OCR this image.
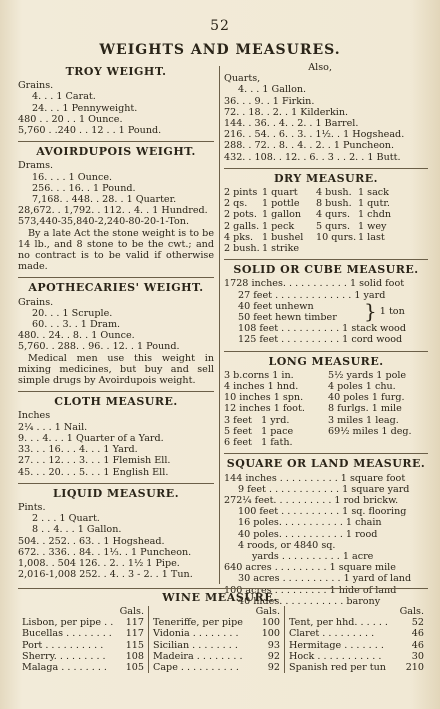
52
WEIGHTS AND MEASURES.
TROY WEIGHT.
Grains.
4. . . 1 Carat.
24. . . 1 Pennyweight.
480 . . 20 . . 1 Ounce.
5,760 . .240 . . 12 . . 1 Pound.
AVOIRDUPOIS WEIGHT.
Drams.
16. . . . 1 Ounce.
256. . . 16. . 1 Pound.
7,168. . 448. . 28. . 1 Quarter.
28,672. . 1,792. . 112. . 4. . 1 Hundred.
573,440-35,840-2,240-80-20-1-Ton.
By a late Act the stone weight is to be 14 lb., and 8 stone to be the cwt.; and no contract is to be valid if otherwise made.
APOTHECARIES' WEIGHT.
Grains.
20. . . 1 Scruple.
60. . . 3. . 1 Dram.
480. . 24. . 8. . 1 Ounce.
5,760. . 288. . 96. . 12. . 1 Pound.
Medical men use this weight in mixing medicines, but buy and sell simple drugs by Avoirdupois weight.
CLOTH MEASURE.
Inches
2¼ . . . 1 Nail.
9. . . 4. . . 1 Quarter of a Yard.
33. . . 16. . . 4. . . 1 Yard.
27. . . 12. . . 3. . . 1 Flemish Ell.
45. . . 20. . . 5. . . 1 English Ell.
LIQUID MEASURE.
Pints.
2 . . . 1 Quart.
8 . . 4. . . 1 Gallon.
504. . 252. . 63. . 1 Hogshead.
672. . 336. . 84. . 1⅓. . 1 Puncheon.
1,008. . 504 126. . 2. . 1½ 1 Pipe.
2,016-1,008 252. . 4. . 3 - 2. . 1 Tun.
Also,
Quarts,
4. . . 1 Gallon.
36. . . 9. . 1 Firkin.
72. . 18. . 2. . 1 Kilderkin.
144. . 36. . 4. . 2. . 1 Barrel.
216. . 54. . 6. . 3. . 1½. . 1 Hogshead.
288. . 72. . 8. . 4. . 2. . 1 Puncheon.
432. . 108. . 12. . 6. . 3 . . 2. . 1 Butt.
DRY MEASURE.
2 pints 1 quart	4 bush. 1 sack
2 qs.	1 pottle	8 bush. 1 qutr.
2 pots. 1 gallon	4 qurs. 1 chdn
2 galls. 1 peck	5 qurs. 1 wey
4 pks. 1 bushel	10 qurs. 1 last
2 bush. 1 strike
SOLID OR CUBE MEASURE.
1728 inches. . . . . . . . . . . 1 solid foot
27 feet . . . . . . . . . . . . . 1 yard
40 feet unhewn
50 feet hewn timber	} 1 ton
108 feet . . . . . . . . . . 1 stack wood
125 feet . . . . . . . . . . 1 cord wood
LONG MEASURE.
3 b.corns 1 in.	5½ yards 1 pole
4 inches 1 hnd.	4 poles 1 chu.
10 inches 1 spn.	40 poles 1 furg.
12 inches 1 foot.	8 furlgs. 1 mile
3 feet   1 yrd.	3 miles 1 leag.
5 feet   1 pace	69½ miles 1 deg.
6 feet   1 fath.
SQUARE OR LAND MEASURE.
144 inches . . . . . . . . . . 1 square foot
9 feet . . . . . . . . . . . . 1 square yard
272¼ feet. . . . . . . . . . 1 rod brickw.
100 feet . . . . . . . . . . 1 sq. flooring
16 poles. . . . . . . . . . . 1 chain
40 poles. . . . . . . . . . . 1 rood
4 roods, or 4840 sq.
yards . . . . . . . . . . 1 acre
640 acres . . . . . . . . . 1 square mile
30 acres . . . . . . . . . . 1 yard of land
100 acres . . . . . . . . . 1 hide of land
40 hides. . . . . . . . . . . barony
WINE MEASURE.
Gals.
Lisbon, per pipe . . 117
Bucellas . . . . . . . . 117
Port . . . . . . . . . . 115
Sherry. . . . . . . . . 108
Malaga . . . . . . . . 105
Gals.
Teneriffe, per pipe 100
Vidonia . . . . . . . . 100
Sicilian . . . . . . . .	93
Madeira . . . . . . . .	92
Cape . . . . . . . . . .	92
Gals.
Tent, per hhd. . . . . . 52
Claret . . . . . . . . .	46
Hermitage . . . . . . .	46
Hock . . . . . . . . . . .	30
Spanish red per tun 210
